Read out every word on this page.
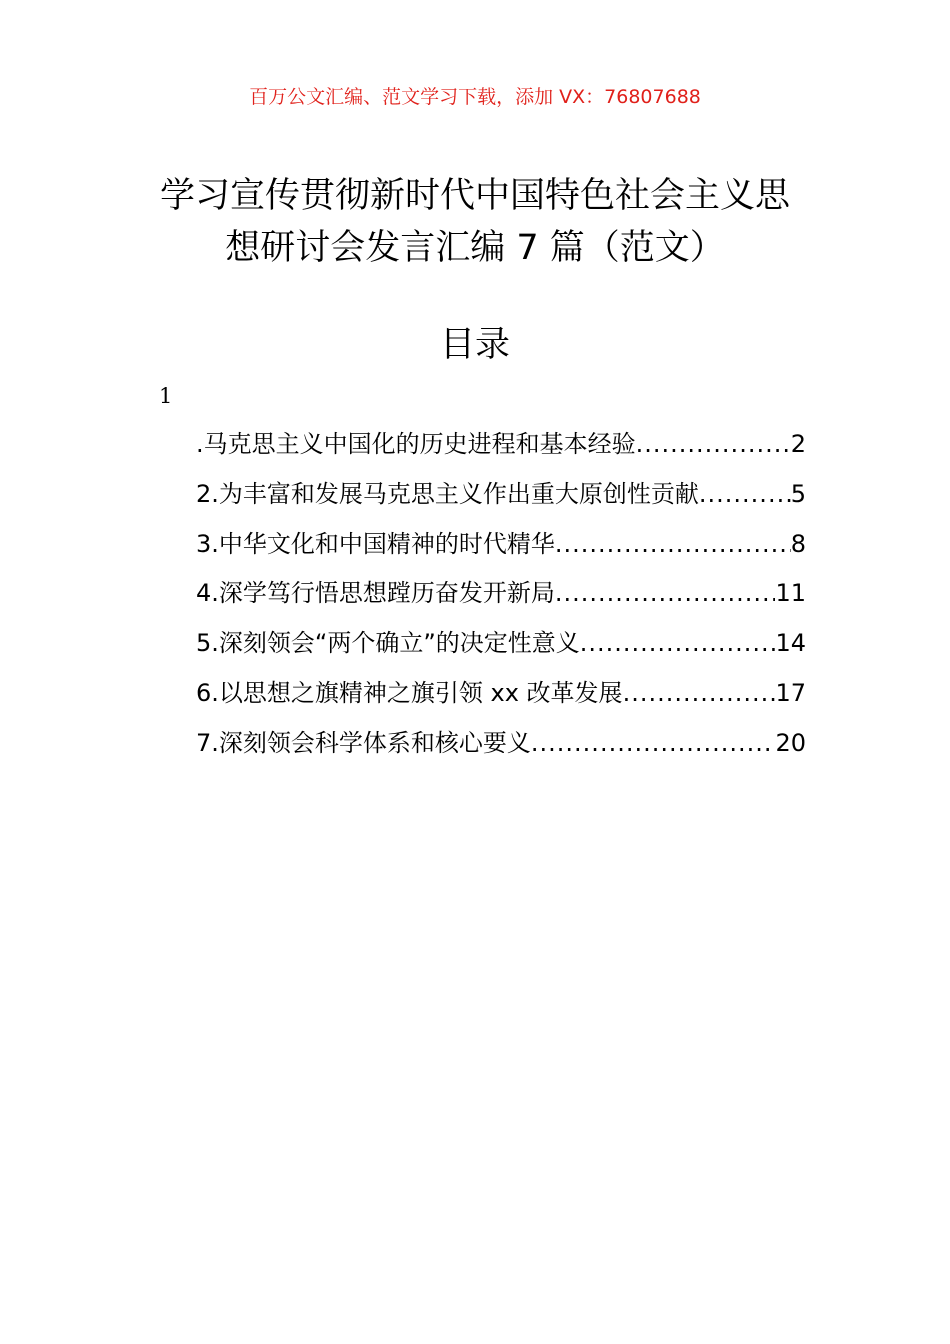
百万公文汇编、范文学习下载，添加 VX：76807688
学习宣传贯彻新时代中国特色社会主义思
想研讨会发言汇编 7 篇（范文）
目录
1
.马克思主义中国化的历史进程和基本经验 .....	2
2.为丰富和发展马克思主义作出重大原创性贡献 .....	5
3.中华文化和中国精神的时代精华 .....	8
4.深学笃行悟思想蹚历奋发开新局 .....	11
5.深刻领会“两个确立”的决定性意义 .....	14
6.以思想之旗精神之旗引领 xx 改革发展 .....	17
7.深刻领会科学体系和核心要义 .....	20
